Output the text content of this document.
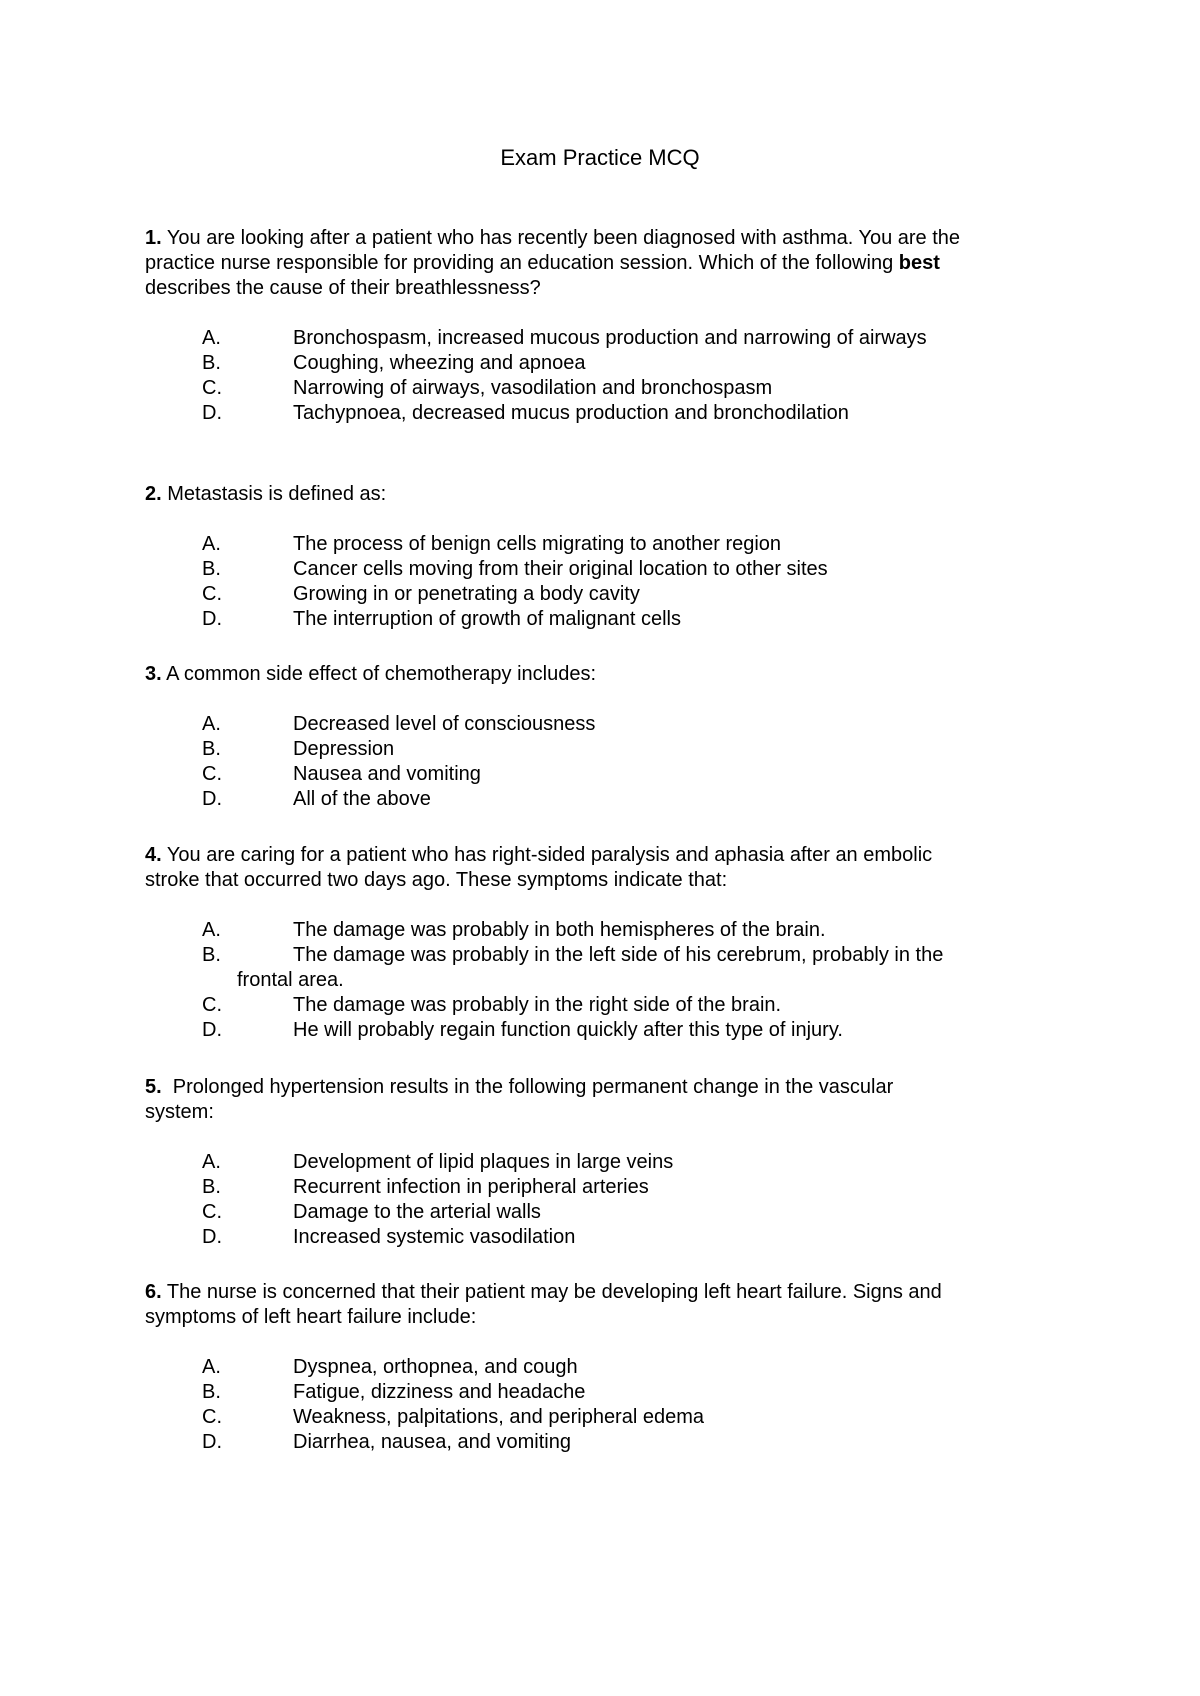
Exam Practice MCQ
1. You are looking after a patient who has recently been diagnosed with asthma. You are the
practice nurse responsible for providing an education session. Which of the following best
describes the cause of their breathlessness?
A.	Bronchospasm, increased mucous production and narrowing of airways
B.	Coughing, wheezing and apnoea
C.	Narrowing of airways, vasodilation and bronchospasm
D.	Tachypnoea, decreased mucus production and bronchodilation
2. Metastasis is defined as:
A.	The process of benign cells migrating to another region
B.	Cancer cells moving from their original location to other sites
C.	Growing in or penetrating a body cavity
D.	The interruption of growth of malignant cells
3. A common side effect of chemotherapy includes:
A.	Decreased level of consciousness
B.	Depression
C.	Nausea and vomiting
D.	All of the above
4. You are caring for a patient who has right-sided paralysis and aphasia after an embolic
stroke that occurred two days ago. These symptoms indicate that:
A.	The damage was probably in both hemispheres of the brain.
B.	The damage was probably in the left side of his cerebrum, probably in the
frontal area.
C.	The damage was probably in the right side of the brain.
D.	He will probably regain function quickly after this type of injury.
5.  Prolonged hypertension results in the following permanent change in the vascular
system:
A.	Development of lipid plaques in large veins
B.	Recurrent infection in peripheral arteries
C.	Damage to the arterial walls
D.	Increased systemic vasodilation
6. The nurse is concerned that their patient may be developing left heart failure. Signs and
symptoms of left heart failure include:
A.	Dyspnea, orthopnea, and cough
B.	Fatigue, dizziness and headache
C.	Weakness, palpitations, and peripheral edema
D.	Diarrhea, nausea, and vomiting
